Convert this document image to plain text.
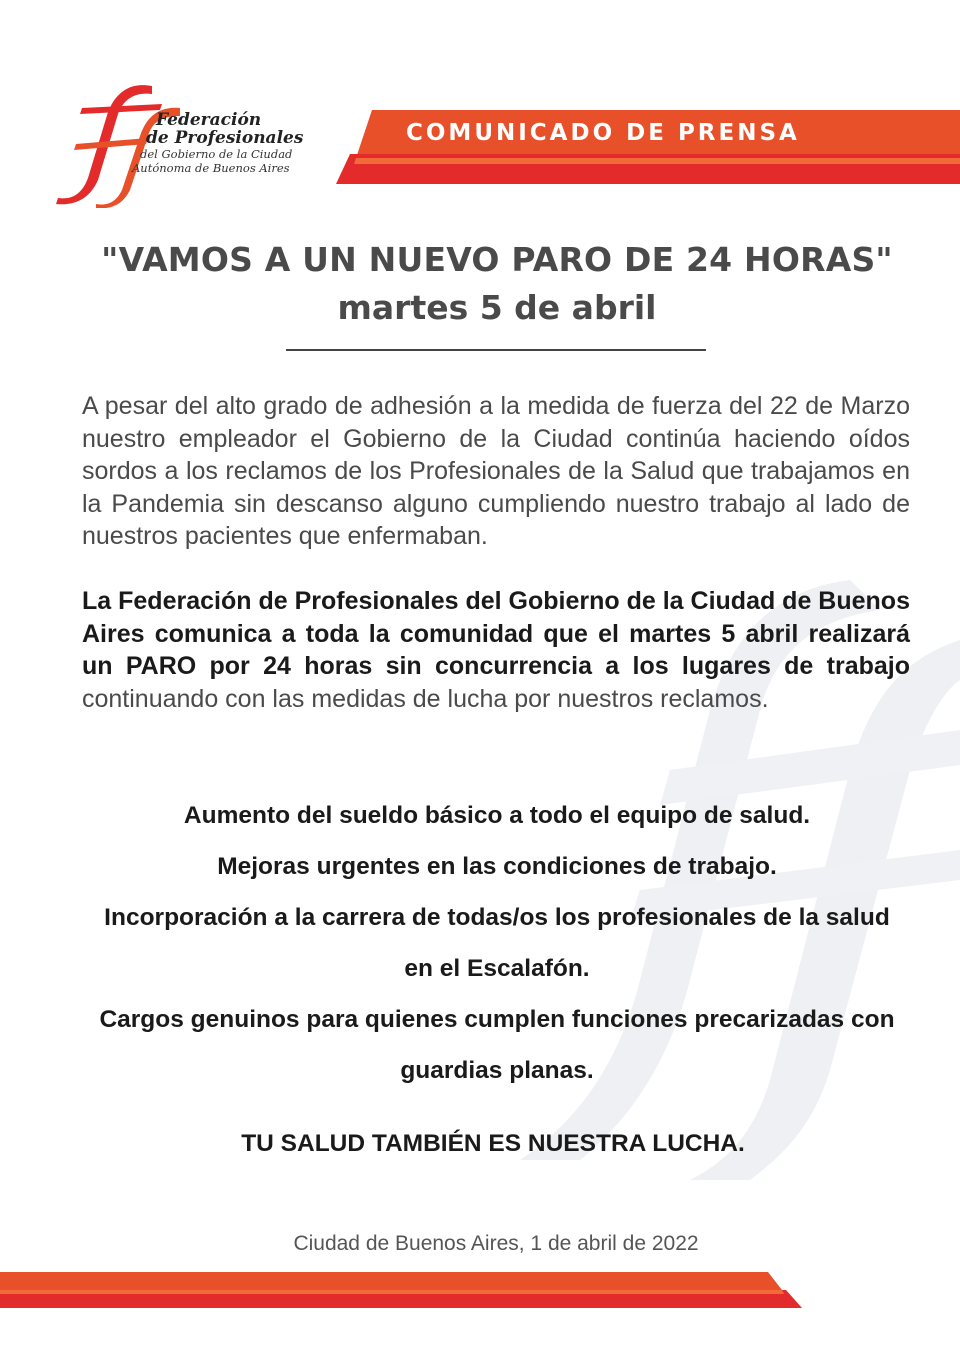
Federación
de Profesionales
del Gobierno de la Ciudad
Autónoma de Buenos Aires
COMUNICADO DE PRENSA
"VAMOS A UN NUEVO PARO DE 24 HORAS"
martes 5 de abril

A pesar del alto grado de adhesión a la medida de fuerza del 22 de Marzo nuestro empleador el Gobierno de la Ciudad continúa haciendo oídos sordos a los reclamos de los Profesionales de la Salud que trabajamos en la Pandemia sin descanso alguno cumpliendo nuestro trabajo al lado de nuestros pacientes que enfermaban.

La Federación de Profesionales del Gobierno de la Ciudad de Buenos Aires comunica a toda la comunidad que el martes 5 abril realizará un PARO por 24 horas sin concurrencia a los lugares de trabajo continuando con las medidas de lucha por nuestros reclamos.

Aumento del sueldo básico a todo el equipo de salud.

Mejoras urgentes en las condiciones de trabajo.

Incorporación a la carrera de todas/os los profesionales de la salud en el Escalafón.

Cargos genuinos para quienes cumplen funciones precarizadas con guardias planas.

TU SALUD TAMBIÉN ES NUESTRA LUCHA.
Ciudad de Buenos Aires, 1 de abril de 2022
